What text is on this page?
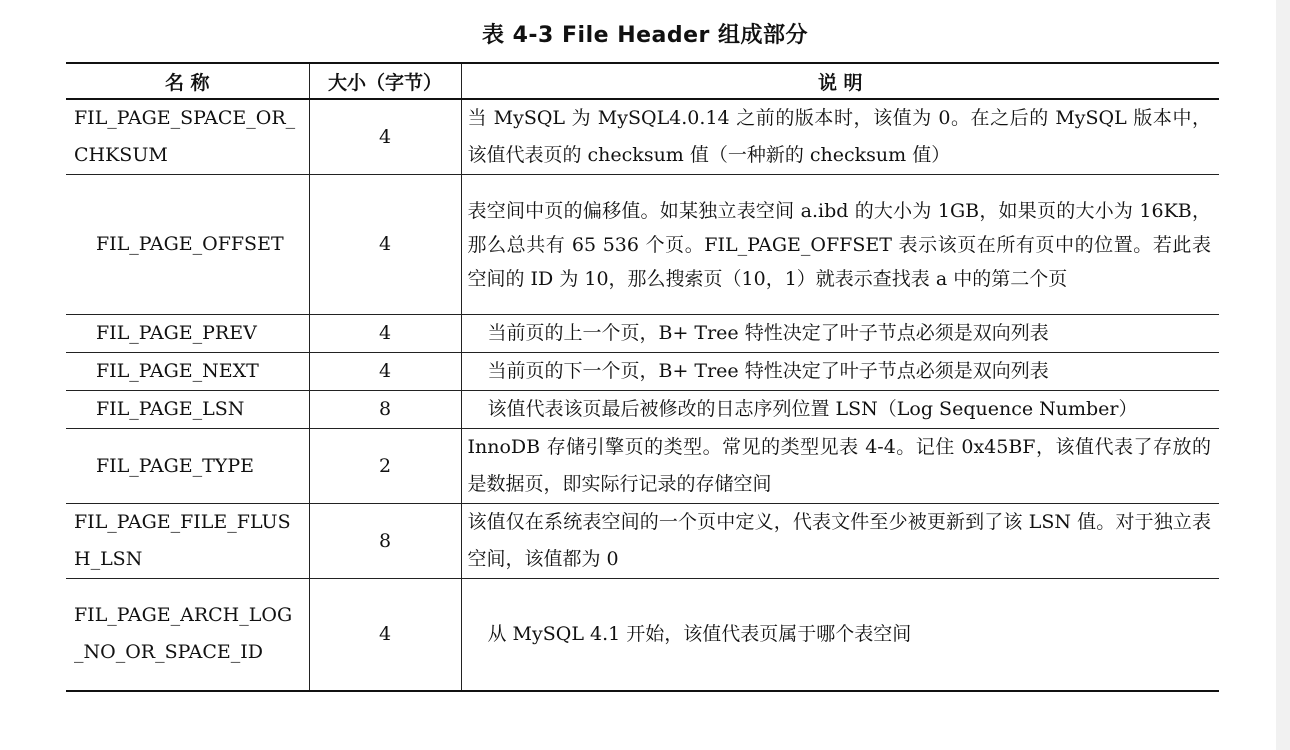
表 4-3 File Header 组成部分
名 称	大小（字节）	说 明
FIL_PAGE_SPACE_OR_CHKSUM	4	当 MySQL 为 MySQL4.0.14 之前的版本时，该值为 0。在之后的 MySQL 版本中，该值代表页的 checksum 值（一种新的 checksum 值）
FIL_PAGE_OFFSET	4	表空间中页的偏移值。如某独立表空间 a.ibd 的大小为 1GB，如果页的大小为 16KB，那么总共有 65 536 个页。FIL_PAGE_OFFSET 表示该页在所有页中的位置。若此表空间的 ID 为 10，那么搜索页（10，1）就表示查找表 a 中的第二个页
FIL_PAGE_PREV	4	当前页的上一个页，B+ Tree 特性决定了叶子节点必须是双向列表
FIL_PAGE_NEXT	4	当前页的下一个页，B+ Tree 特性决定了叶子节点必须是双向列表
FIL_PAGE_LSN	8	该值代表该页最后被修改的日志序列位置 LSN（Log Sequence Number）
FIL_PAGE_TYPE	2	InnoDB 存储引擎页的类型。常见的类型见表 4-4。记住 0x45BF，该值代表了存放的是数据页，即实际行记录的存储空间
FIL_PAGE_FILE_FLUSH_LSN	8	该值仅在系统表空间的一个页中定义，代表文件至少被更新到了该 LSN 值。对于独立表空间，该值都为 0
FIL_PAGE_ARCH_LOG_NO_OR_SPACE_ID	4	从 MySQL 4.1 开始，该值代表页属于哪个表空间
